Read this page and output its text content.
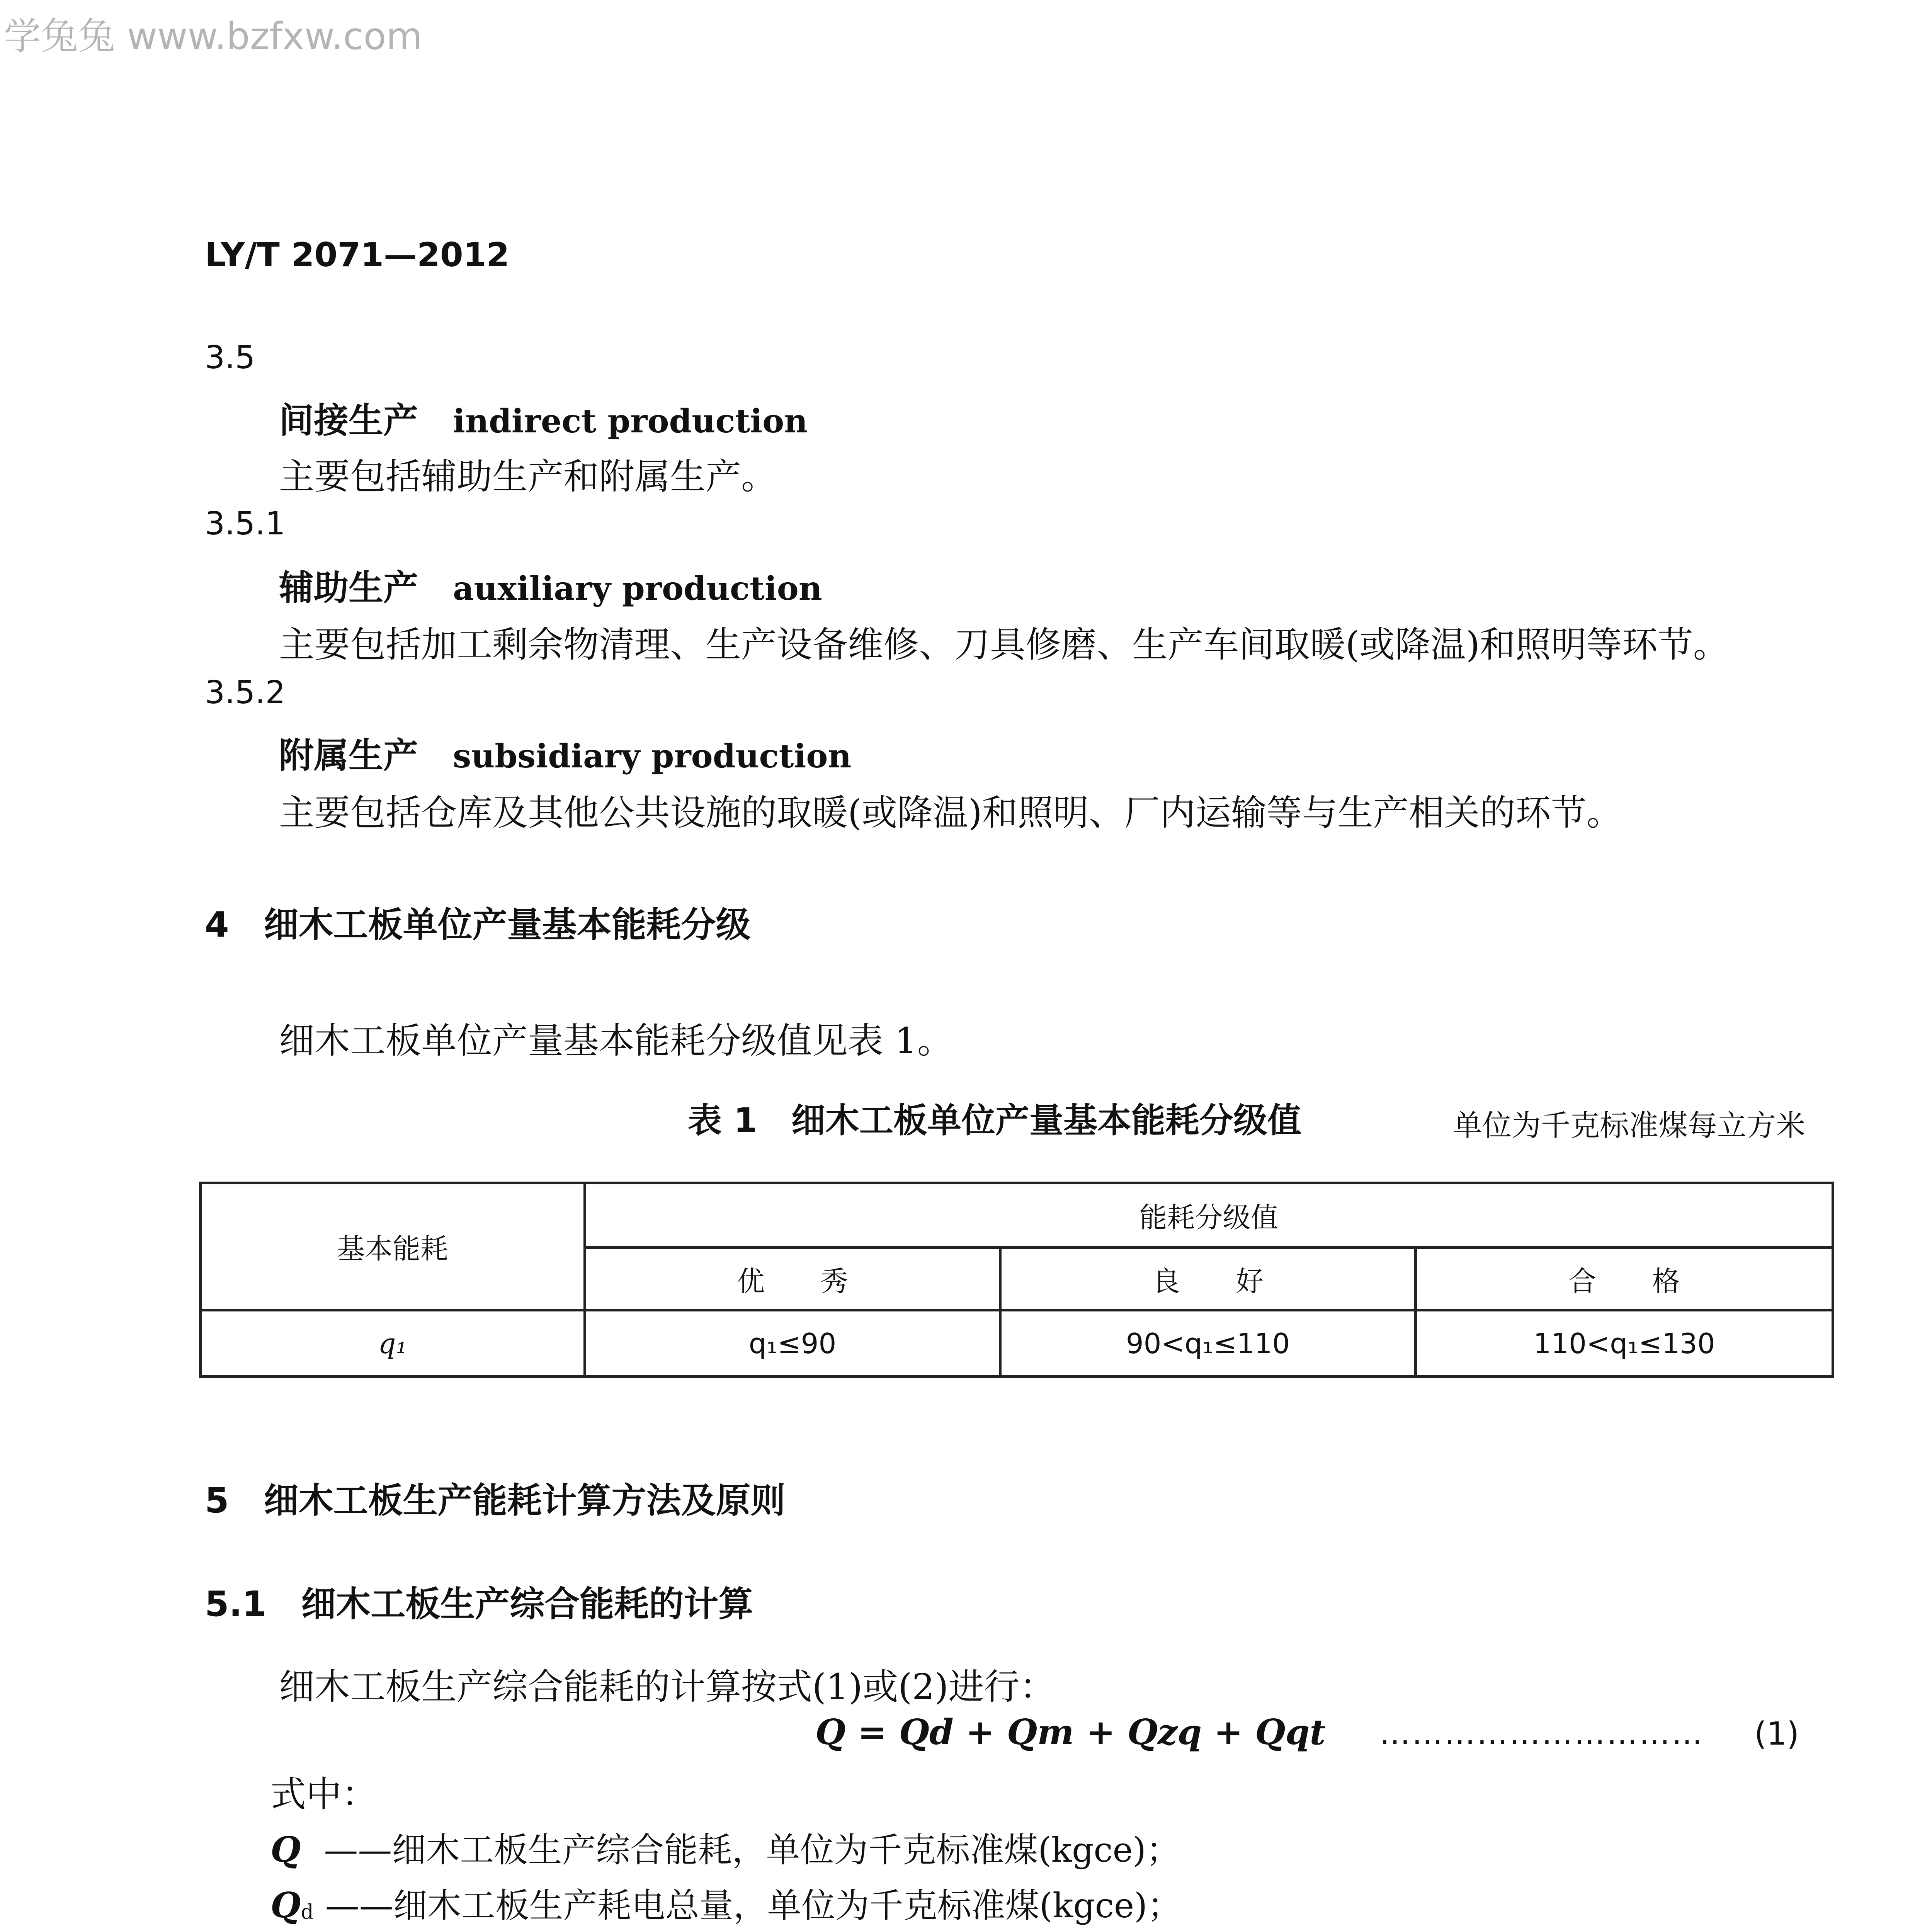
学兔兔 www.bzfxw.com
LY/T 2071—2012
3.5
间接生产 indirect production
主要包括辅助生产和附属生产。
3.5.1
辅助生产 auxiliary production
主要包括加工剩余物清理、生产设备维修、刀具修磨、生产车间取暖(或降温)和照明等环节。
3.5.2
附属生产 subsidiary production
主要包括仓库及其他公共设施的取暖(或降温)和照明、厂内运输等与生产相关的环节。
4　细木工板单位产量基本能耗分级
细木工板单位产量基本能耗分级值见表 1。
表 1　细木工板单位产量基本能耗分级值	单位为千克标准煤每立方米
基本能耗	能耗分级值		
	优　　秀	良　　好	合　　格
q₁	q₁≤90	90<q₁≤110	110<q₁≤130
5　细木工板生产能耗计算方法及原则
5.1　细木工板生产综合能耗的计算
细木工板生产综合能耗的计算按式(1)或(2)进行：
Q = Qd + Qm + Qzq + Qqt ………………………… (1)
式中：
Q ——细木工板生产综合能耗，单位为千克标准煤(kgce)；
$Q_d$ ——细木工板生产耗电总量，单位为千克标准煤(kgce)；
